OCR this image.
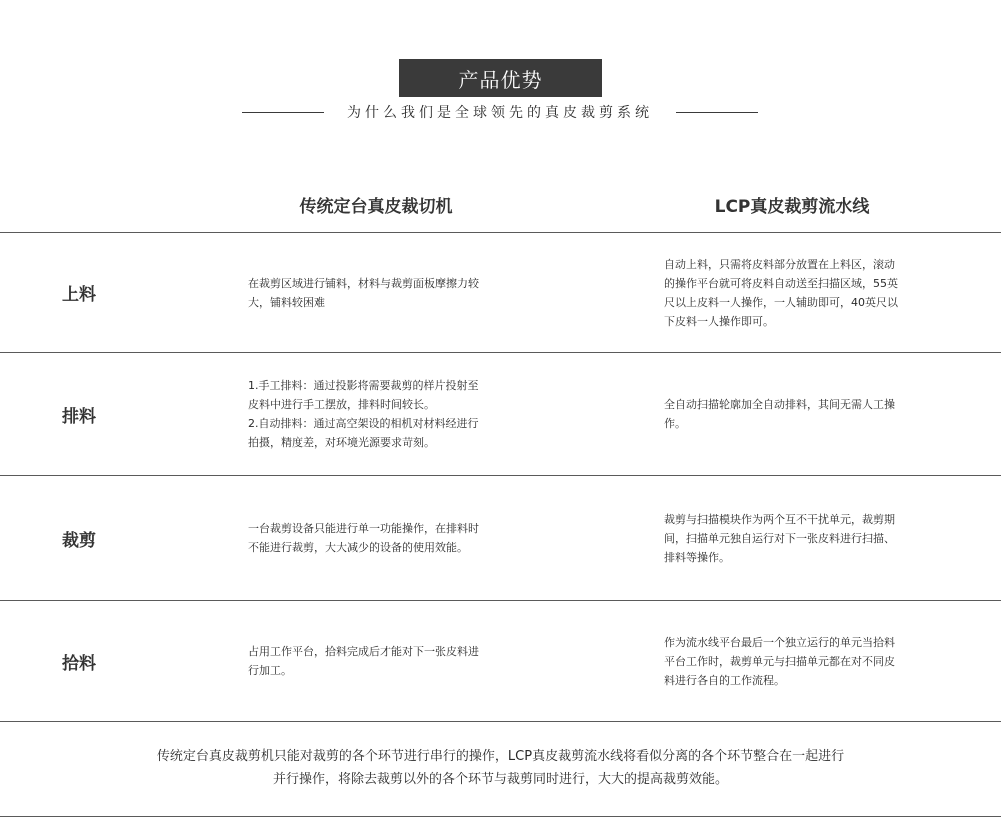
产品优势
为什么我们是全球领先的真皮裁剪系统
传统定台真皮裁切机	LCP真皮裁剪流水线
上料
在裁剪区域进行铺料，材料与裁剪面板摩擦力较
大，铺料较困难
自动上料，只需将皮料部分放置在上料区，滚动
的操作平台就可将皮料自动送至扫描区域，55英
尺以上皮料一人操作，一人辅助即可，40英尺以
下皮料一人操作即可。
排料
1.手工排料：通过投影将需要裁剪的样片投射至
皮料中进行手工摆放，排料时间较长。
2.自动排料：通过高空架设的相机对材料经进行
拍摄，精度差，对环境光源要求苛刻。
全自动扫描轮廓加全自动排料，其间无需人工操
作。
裁剪
一台裁剪设备只能进行单一功能操作，在排料时
不能进行裁剪，大大减少的设备的使用效能。
裁剪与扫描模块作为两个互不干扰单元，裁剪期
间，扫描单元独自运行对下一张皮料进行扫描、
排料等操作。
拾料
占用工作平台，拾料完成后才能对下一张皮料进
行加工。
作为流水线平台最后一个独立运行的单元当拾料
平台工作时，裁剪单元与扫描单元都在对不同皮
料进行各自的工作流程。
传统定台真皮裁剪机只能对裁剪的各个环节进行串行的操作，LCP真皮裁剪流水线将看似分离的各个环节整合在一起进行
并行操作，将除去裁剪以外的各个环节与裁剪同时进行，大大的提高裁剪效能。
